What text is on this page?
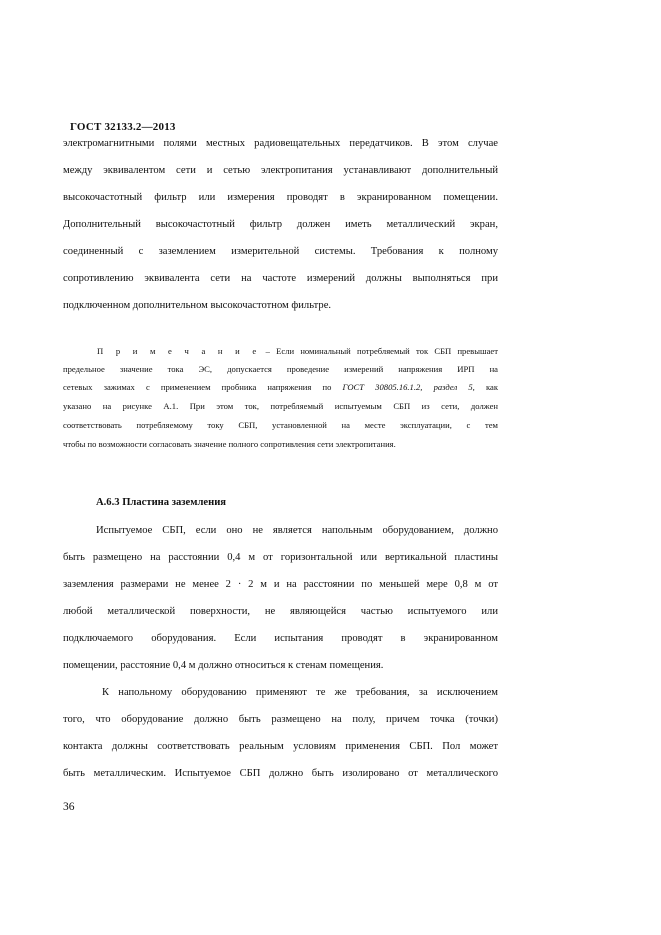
ГОСТ 32133.2—2013
электромагнитными полями местных радиовещательных передатчиков. В этом случае
между эквивалентом сети и сетью электропитания устанавливают дополнительный
высокочастотный фильтр или измерения проводят в экранированном помещении.
Дополнительный высокочастотный фильтр должен иметь металлический экран,
соединенный с заземлением измерительной системы. Требования к полному
сопротивлению эквивалента сети на частоте измерений должны выполняться при
подключенном дополнительном высокочастотном фильтре.
П р и м е ч а н и е – Если номинальный потребляемый ток СБП превышает
предельное значение тока ЭС, допускается проведение измерений напряжения ИРП на
сетевых зажимах с применением пробника напряжения по ГОСТ 30805.16.1.2, раздел 5, как
указано на рисунке А.1. При этом ток, потребляемый испытуемым СБП из сети, должен
соответствовать потребляемому току СБП, установленной на месте эксплуатации, с тем
чтобы по возможности согласовать значение полного сопротивления сети электропитания.
А.6.3 Пластина заземления
Испытуемое СБП, если оно не является напольным оборудованием, должно
быть размещено на расстоянии 0,4 м от горизонтальной или вертикальной пластины
заземления размерами не менее 2 · 2 м и на расстоянии по меньшей мере 0,8 м от
любой металлической поверхности, не являющейся частью испытуемого или
подключаемого оборудования. Если испытания проводят в экранированном
помещении, расстояние 0,4 м должно относиться к стенам помещения.
К напольному оборудованию применяют те же требования, за исключением
того, что оборудование должно быть размещено на полу, причем точка (точки)
контакта должны соответствовать реальным условиям применения СБП. Пол может
быть металлическим. Испытуемое СБП должно быть изолировано от металлического
36
